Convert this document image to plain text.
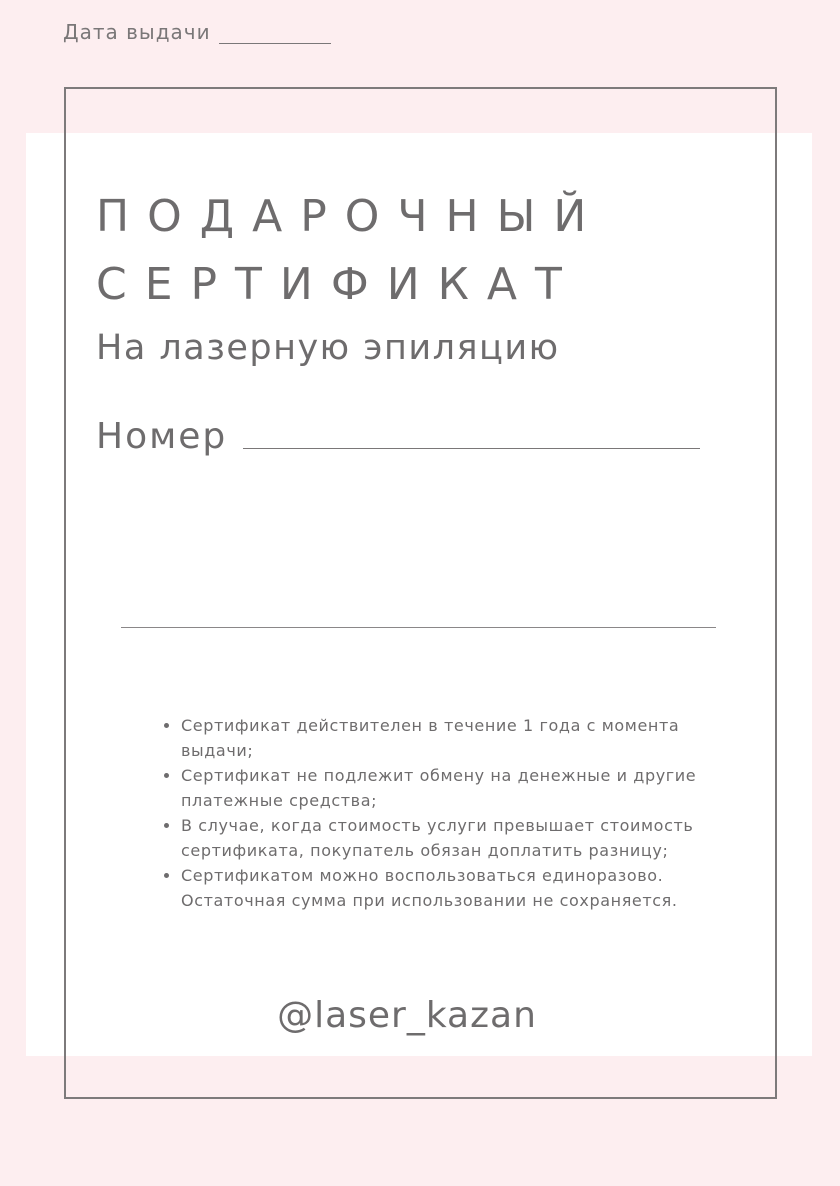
Дата выдачи
ПОДАРОЧНЫЙ
СЕРТИФИКАТ
На лазерную эпиляцию
Номер
• Сертификат действителен в течение 1 года с момента выдачи;
• Сертификат не подлежит обмену на денежные и другие платежные средства;
• В случае, когда стоимость услуги превышает стоимость сертификата, покупатель обязан доплатить разницу;
• Сертификатом можно воспользоваться единоразово. Остаточная сумма при использовании не сохраняется.
@laser_kazan
